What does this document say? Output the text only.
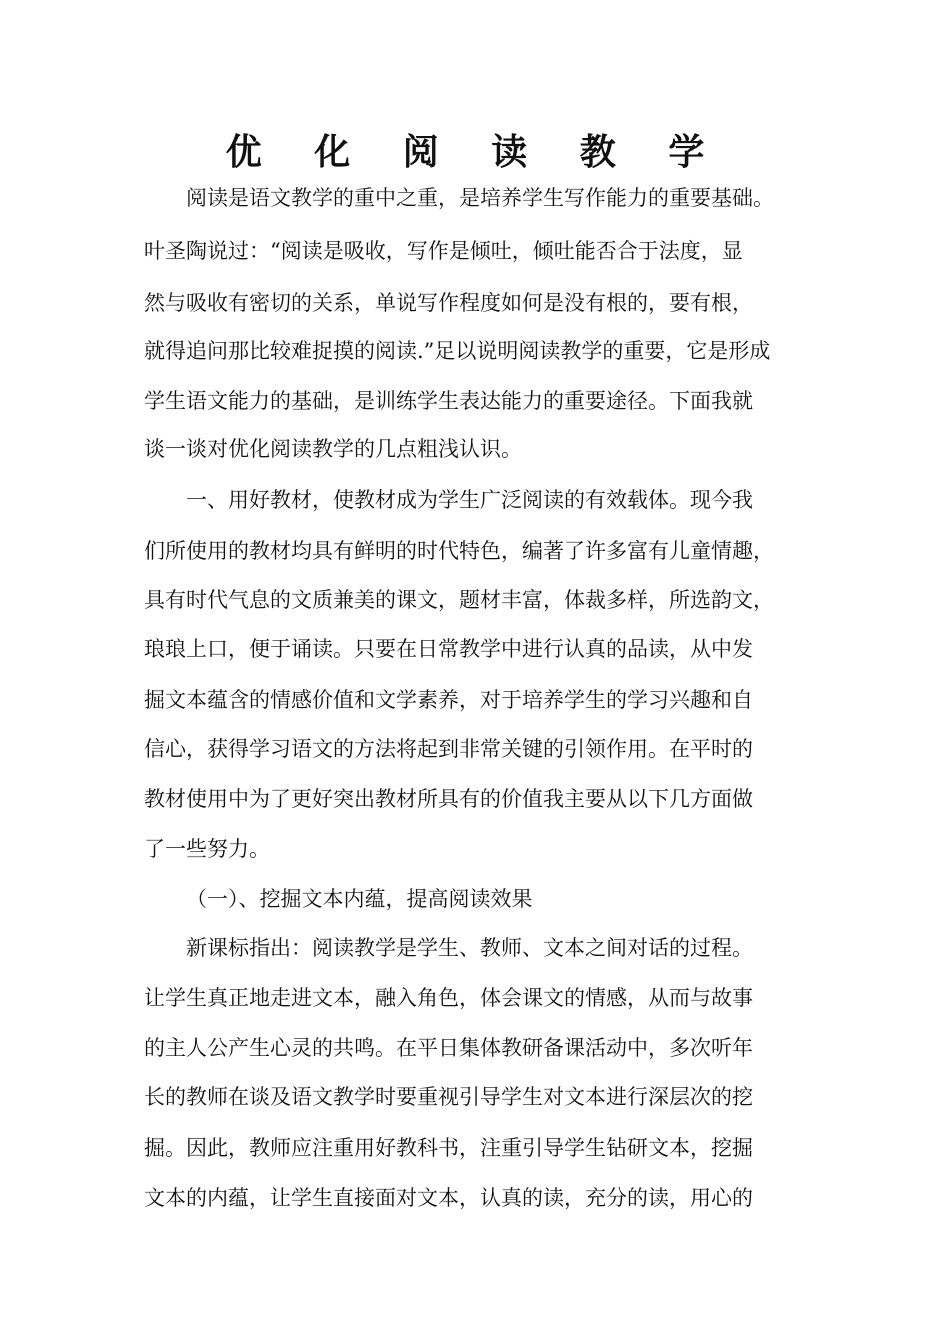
优 化 阅 读 教 学
阅读是语文教学的重中之重，是培养学生写作能力的重要基础。
叶圣陶说过：“阅读是吸收，写作是倾吐，倾吐能否合于法度，显
然与吸收有密切的关系，单说写作程度如何是没有根的，要有根，
就得追问那比较难捉摸的阅读.”足以说明阅读教学的重要，它是形成
学生语文能力的基础，是训练学生表达能力的重要途径。下面我就
谈一谈对优化阅读教学的几点粗浅认识。
一、用好教材，使教材成为学生广泛阅读的有效载体。现今我
们所使用的教材均具有鲜明的时代特色，编著了许多富有儿童情趣，
具有时代气息的文质兼美的课文，题材丰富，体裁多样，所选韵文，
琅琅上口，便于诵读。只要在日常教学中进行认真的品读，从中发
掘文本蕴含的情感价值和文学素养，对于培养学生的学习兴趣和自
信心，获得学习语文的方法将起到非常关键的引领作用。在平时的
教材使用中为了更好突出教材所具有的价值我主要从以下几方面做
了一些努力。
（一）、挖掘文本内蕴，提高阅读效果
新课标指出：阅读教学是学生、教师、文本之间对话的过程。
让学生真正地走进文本，融入角色，体会课文的情感，从而与故事
的主人公产生心灵的共鸣。在平日集体教研备课活动中，多次听年
长的教师在谈及语文教学时要重视引导学生对文本进行深层次的挖
掘。因此，教师应注重用好教科书，注重引导学生钻研文本，挖掘
文本的内蕴，让学生直接面对文本，认真的读，充分的读，用心的
